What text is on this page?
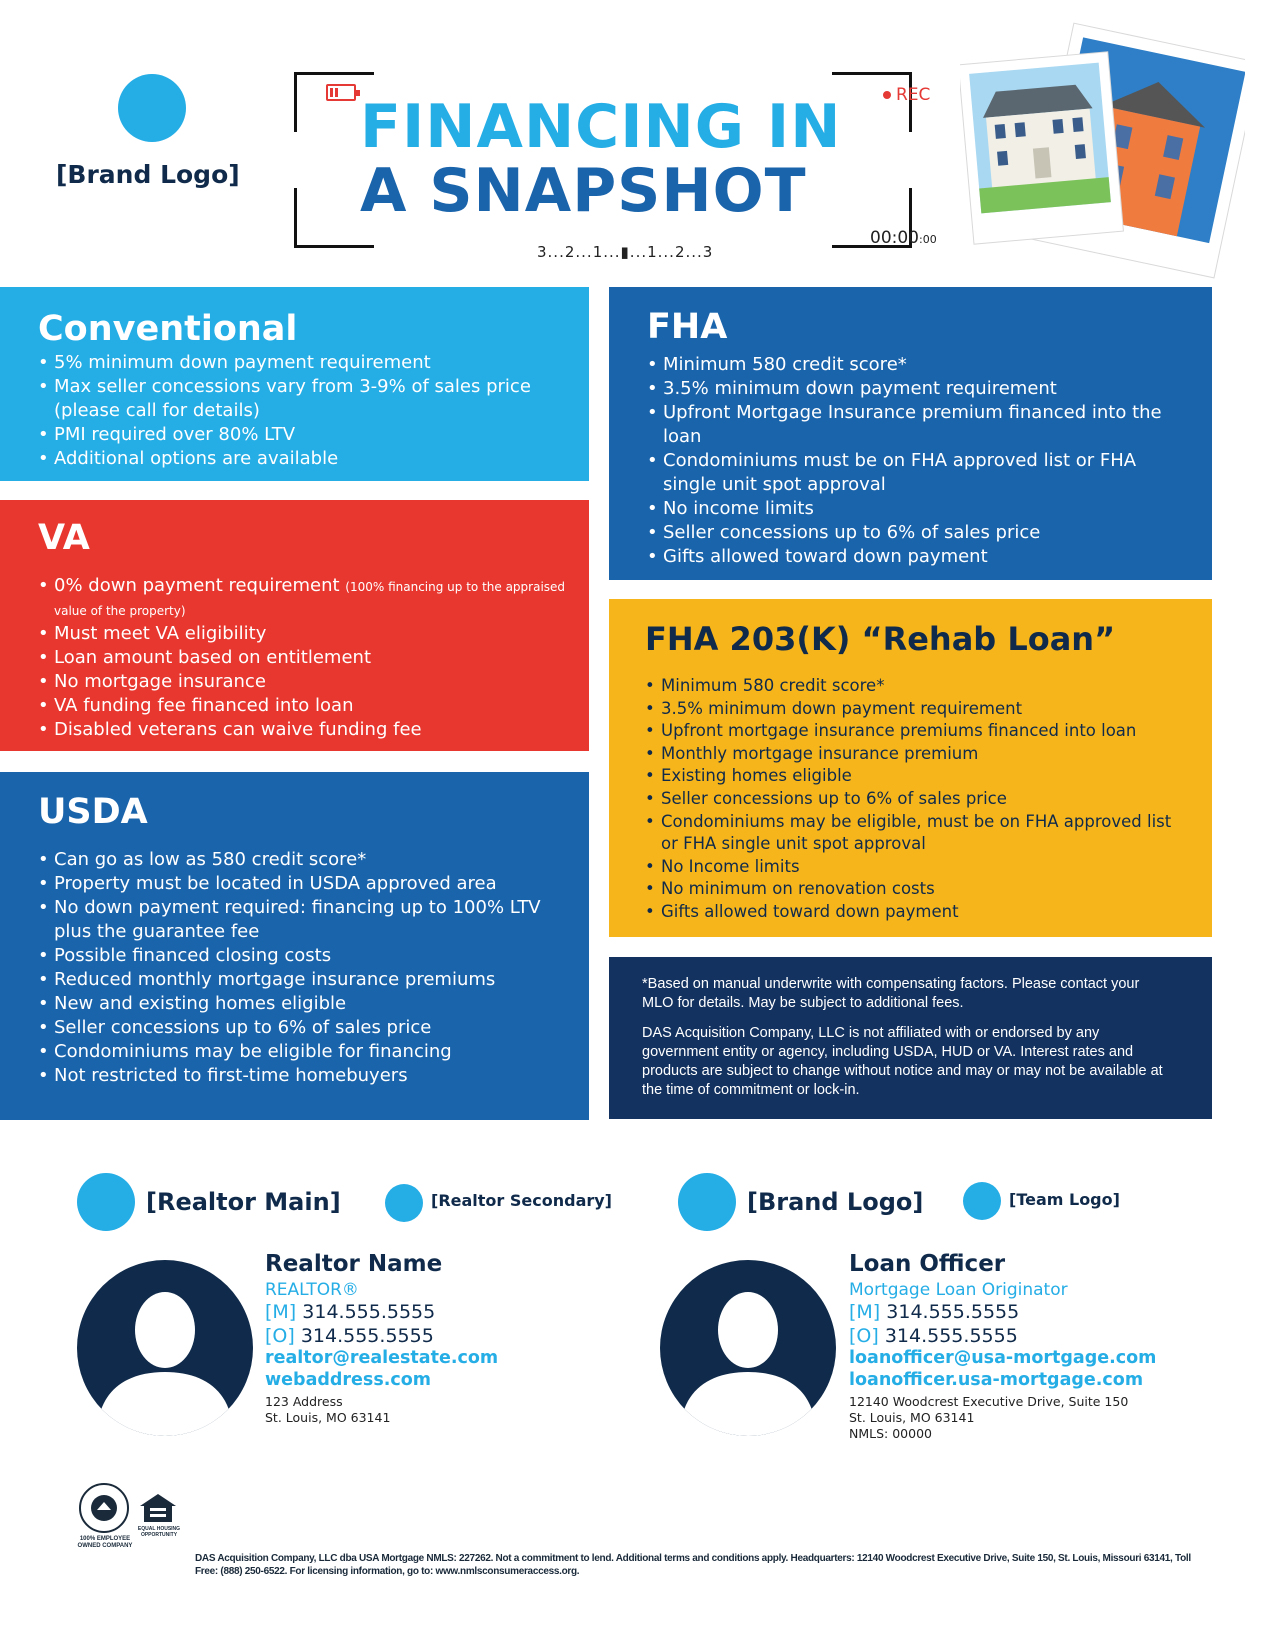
[Brand Logo]
REC
FINANCING IN
A SNAPSHOT
00:00:00
3...2...1...▮...1...2...3
Conventional
• 5% minimum down payment requirement
• Max seller concessions vary from 3-9% of sales price (please call for details)
• PMI required over 80% LTV
• Additional options are available
VA
• 0% down payment requirement (100% financing up to the appraised value of the property)
• Must meet VA eligibility
• Loan amount based on entitlement
• No mortgage insurance
• VA funding fee financed into loan
• Disabled veterans can waive funding fee
USDA
• Can go as low as 580 credit score*
• Property must be located in USDA approved area
• No down payment required: financing up to 100% LTV plus the guarantee fee
• Possible financed closing costs
• Reduced monthly mortgage insurance premiums
• New and existing homes eligible
• Seller concessions up to 6% of sales price
• Condominiums may be eligible for financing
• Not restricted to first-time homebuyers
FHA
• Minimum 580 credit score*
• 3.5% minimum down payment requirement
• Upfront Mortgage Insurance premium financed into the loan
• Condominiums must be on FHA approved list or FHA single unit spot approval
• No income limits
• Seller concessions up to 6% of sales price
• Gifts allowed toward down payment
FHA 203(K) “Rehab Loan”
• Minimum 580 credit score*
• 3.5% minimum down payment requirement
• Upfront mortgage insurance premiums financed into loan
• Monthly mortgage insurance premium
• Existing homes eligible
• Seller concessions up to 6% of sales price
• Condominiums may be eligible, must be on FHA approved list or FHA single unit spot approval
• No Income limits
• No minimum on renovation costs
• Gifts allowed toward down payment

*Based on manual underwrite with compensating factors. Please contact your MLO for details. May be subject to additional fees.

DAS Acquisition Company, LLC is not affiliated with or endorsed by any government entity or agency, including USDA, HUD or VA. Interest rates and products are subject to change without notice and may or may not be available at the time of commitment or lock-in.

[Realtor Main]	[Realtor Secondary]	[Brand Logo]	[Team Logo]
Realtor Name
REALTOR®
[M] 314.555.5555
[O] 314.555.5555
realtor@realestate.com
webaddress.com
123 Address
St. Louis, MO 63141
Loan Officer
Mortgage Loan Originator
[M] 314.555.5555
[O] 314.555.5555
loanofficer@usa-mortgage.com
loanofficer.usa-mortgage.com
12140 Woodcrest Executive Drive, Suite 150
St. Louis, MO 63141
NMLS: 00000
100% EMPLOYEE OWNED COMPANY
EQUAL HOUSING OPPORTUNITY
DAS Acquisition Company, LLC dba USA Mortgage NMLS: 227262. Not a commitment to lend. Additional terms and conditions apply. Headquarters: 12140 Woodcrest Executive Drive, Suite 150, St. Louis, Missouri 63141, Toll Free: (888) 250-6522. For licensing information, go to: www.nmlsconsumeraccess.org.
